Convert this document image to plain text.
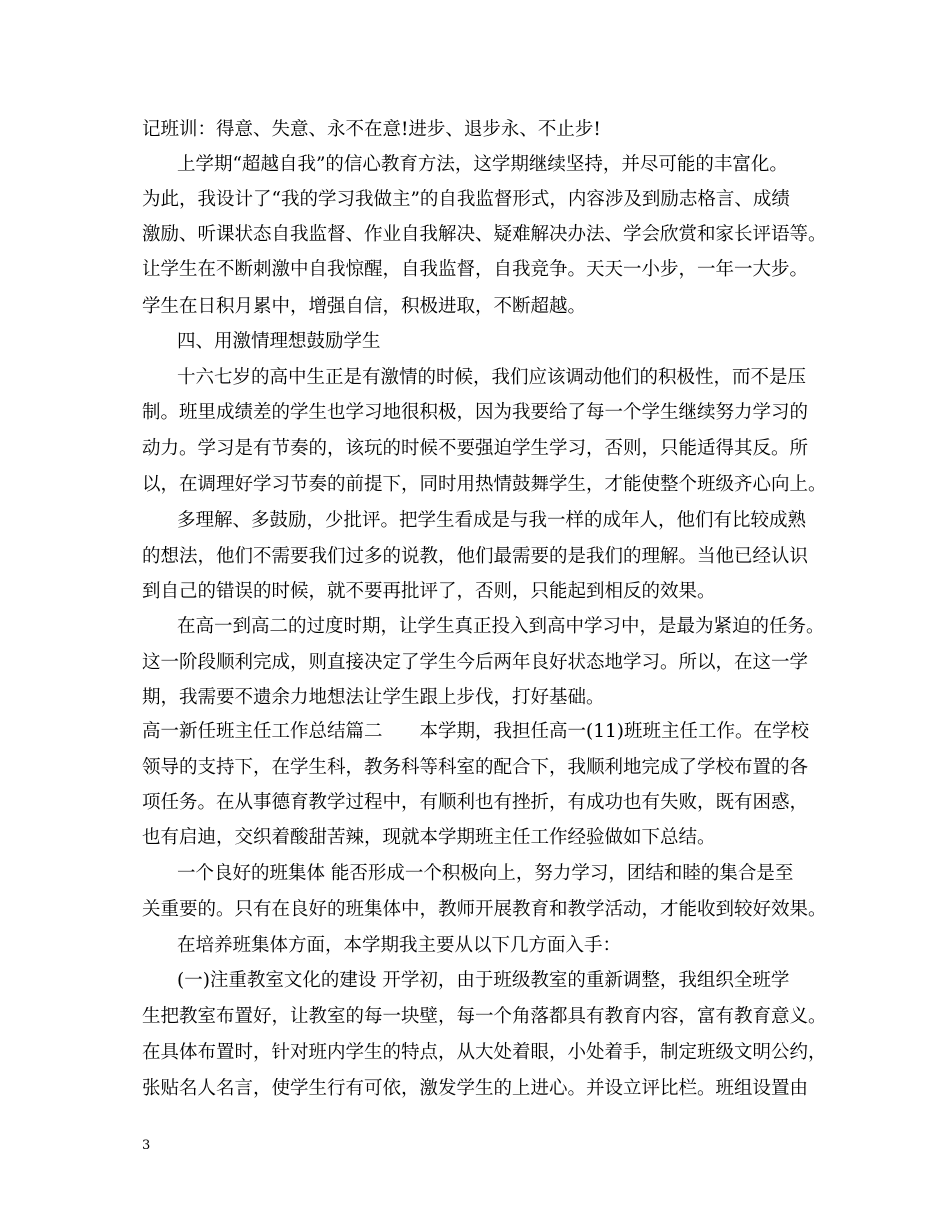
记班训：得意、失意、永不在意!进步、退步永、不止步!
上学期“超越自我”的信心教育方法，这学期继续坚持，并尽可能的丰富化。
为此，我设计了“我的学习我做主”的自我监督形式，内容涉及到励志格言、成绩
激励、听课状态自我监督、作业自我解决、疑难解决办法、学会欣赏和家长评语等。
让学生在不断刺激中自我惊醒，自我监督，自我竞争。天天一小步，一年一大步。
学生在日积月累中，增强自信，积极进取，不断超越。
四、用激情理想鼓励学生
十六七岁的高中生正是有激情的时候，我们应该调动他们的积极性，而不是压
制。班里成绩差的学生也学习地很积极，因为我要给了每一个学生继续努力学习的
动力。学习是有节奏的，该玩的时候不要强迫学生学习，否则，只能适得其反。所
以，在调理好学习节奏的前提下，同时用热情鼓舞学生，才能使整个班级齐心向上。
多理解、多鼓励，少批评。把学生看成是与我一样的成年人，他们有比较成熟
的想法，他们不需要我们过多的说教，他们最需要的是我们的理解。当他已经认识
到自己的错误的时候，就不要再批评了，否则，只能起到相反的效果。
在高一到高二的过度时期，让学生真正投入到高中学习中，是最为紧迫的任务。
这一阶段顺利完成，则直接决定了学生今后两年良好状态地学习。所以，在这一学
期，我需要不遗余力地想法让学生跟上步伐，打好基础。
高一新任班主任工作总结篇二　　本学期，我担任高一(11)班班主任工作。在学校
领导的支持下，在学生科，教务科等科室的配合下，我顺利地完成了学校布置的各
项任务。在从事德育教学过程中，有顺利也有挫折，有成功也有失败，既有困惑，
也有启迪，交织着酸甜苦辣，现就本学期班主任工作经验做如下总结。
一个良好的班集体 能否形成一个积极向上，努力学习，团结和睦的集合是至
关重要的。只有在良好的班集体中，教师开展教育和教学活动，才能收到较好效果。
在培养班集体方面，本学期我主要从以下几方面入手：
(一)注重教室文化的建设 开学初，由于班级教室的重新调整，我组织全班学
生把教室布置好，让教室的每一块壁，每一个角落都具有教育内容，富有教育意义。
在具体布置时，针对班内学生的特点，从大处着眼，小处着手，制定班级文明公约，
张贴名人名言，使学生行有可依，激发学生的上进心。并设立评比栏。班组设置由
3
